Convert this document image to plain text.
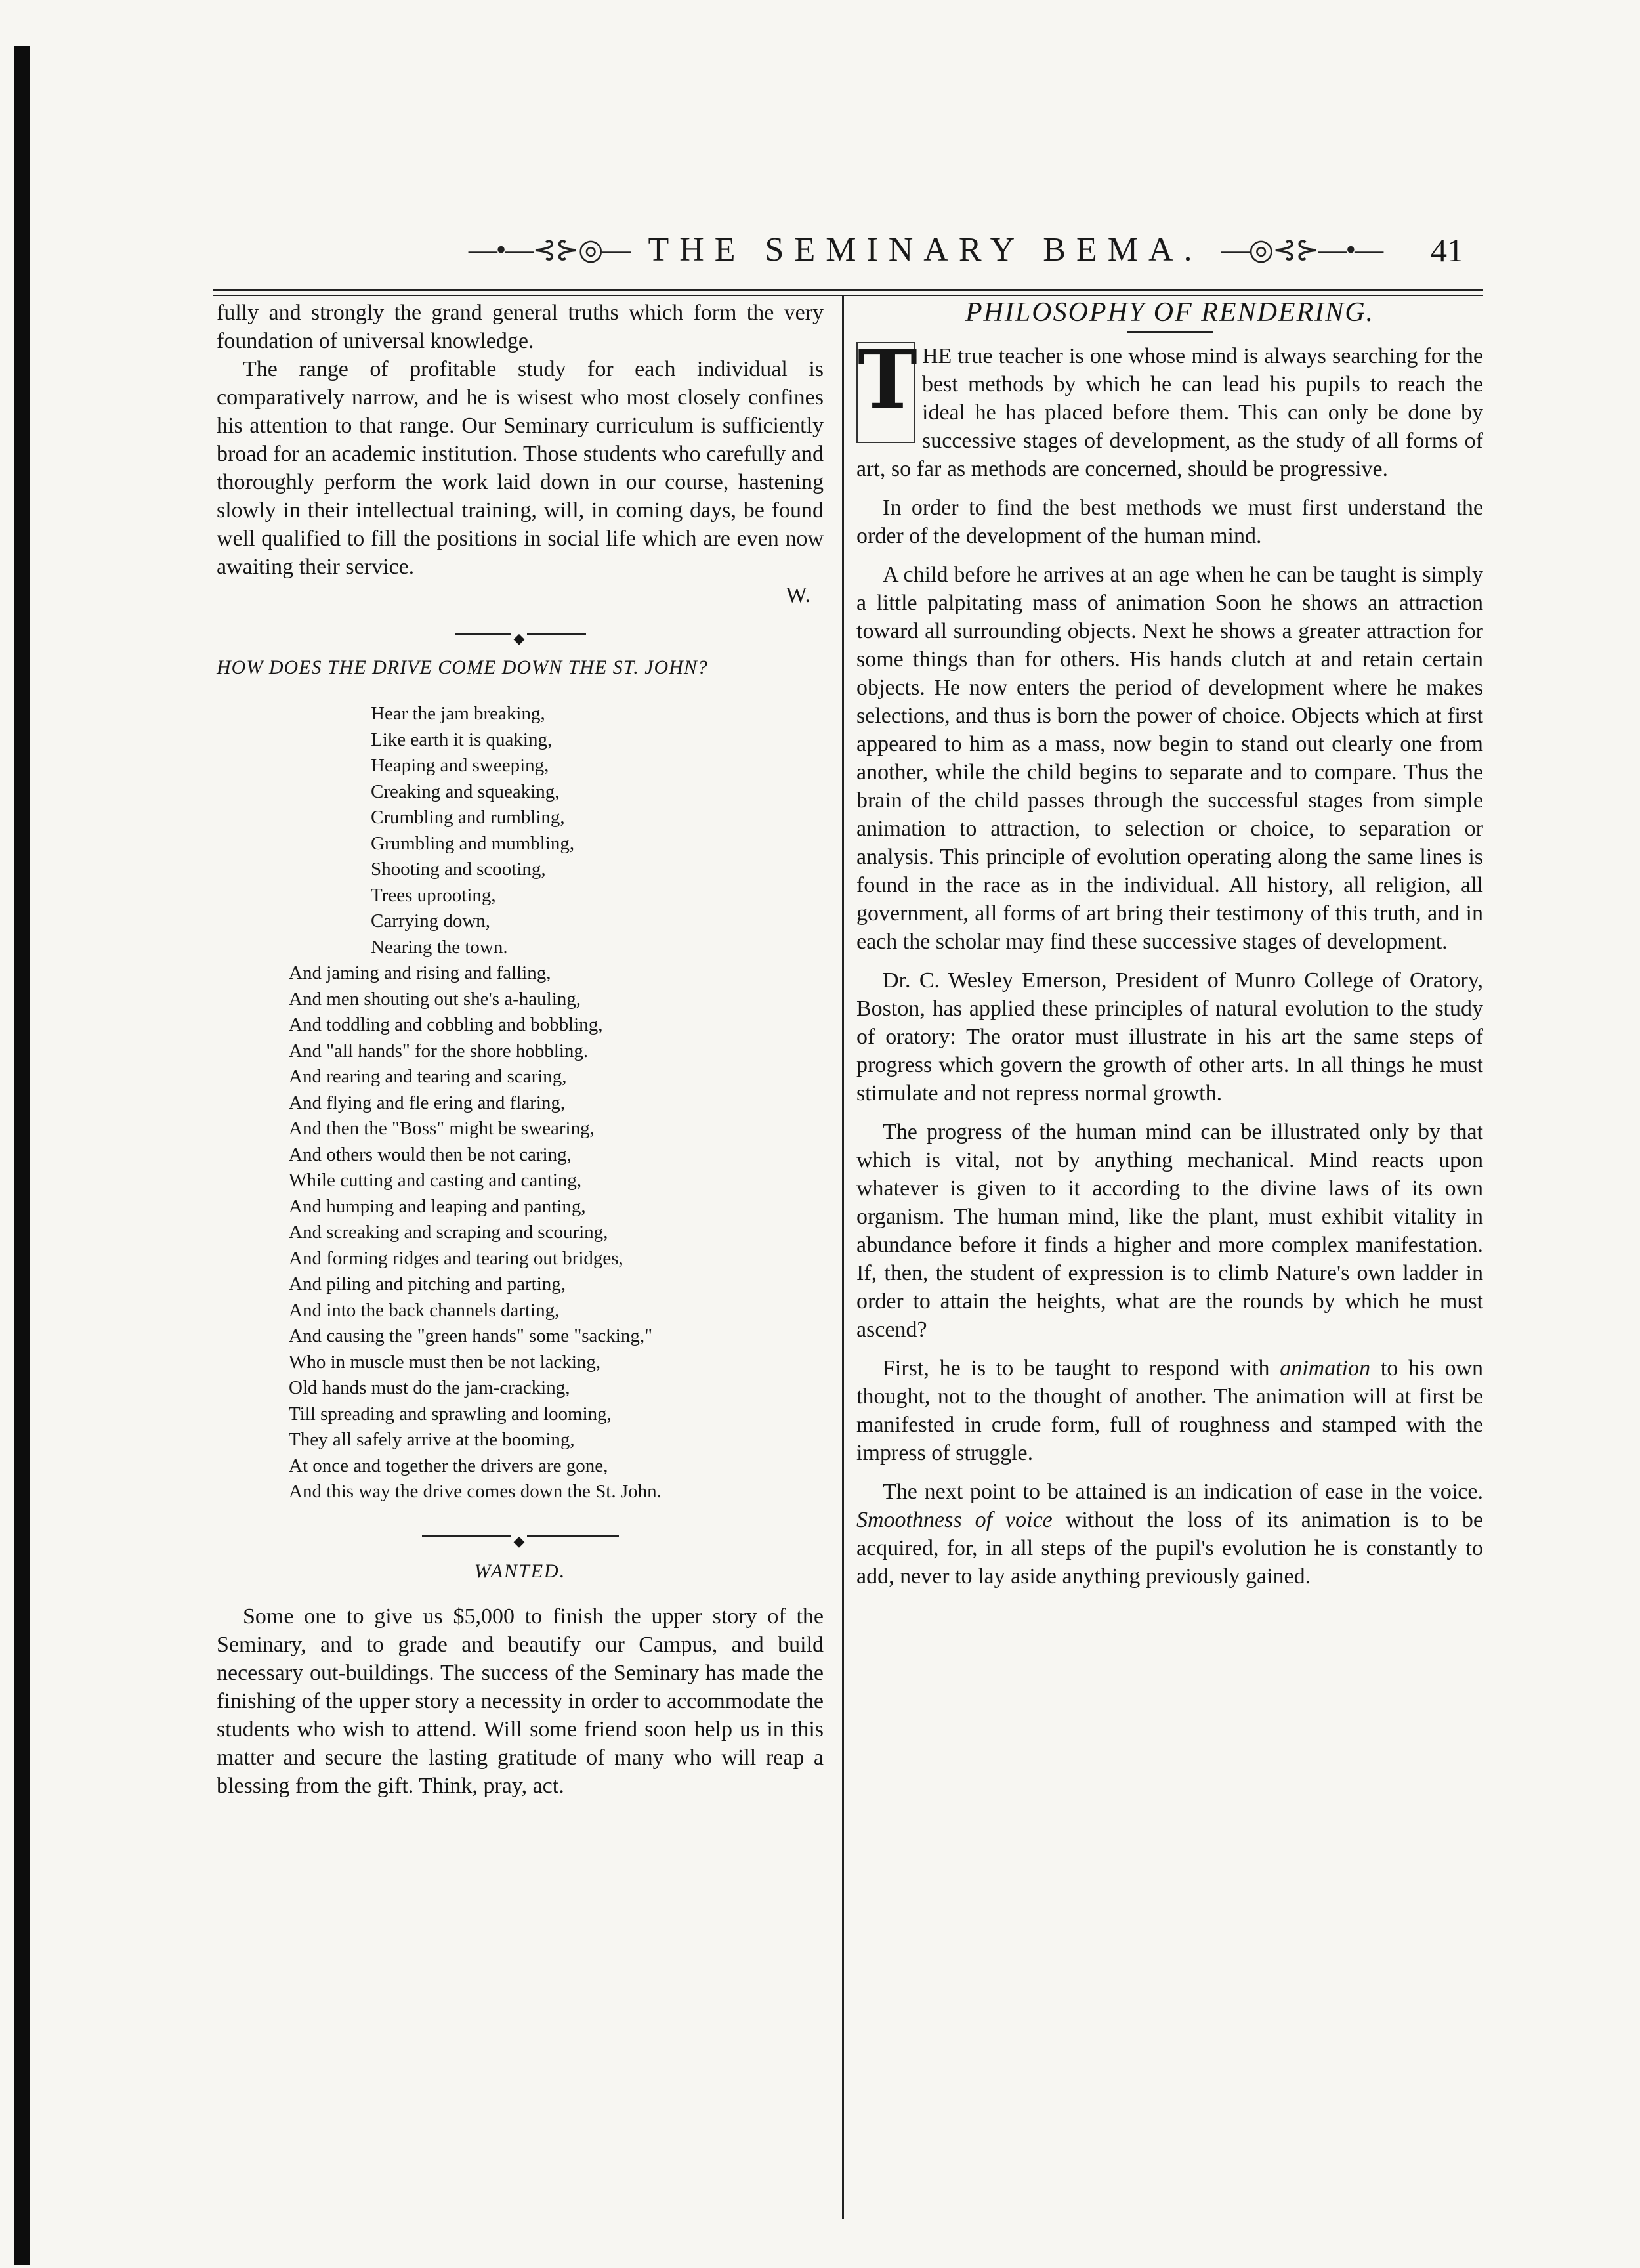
—•—⊰⊱◎— THE SEMINARY BEMA. —◎⊰⊱—•— 41

fully and strongly the grand general truths which form the very foundation of universal knowledge.

The range of profitable study for each individual is comparatively narrow, and he is wisest who most closely confines his attention to that range. Our Seminary curriculum is sufficiently broad for an academic institution. Those students who carefully and thoroughly perform the work laid down in our course, hastening slowly in their intellectual training, will, in coming days, be found well qualified to fill the positions in social life which are even now awaiting their service.

W.

◆

HOW DOES THE DRIVE COME DOWN THE ST. JOHN?

Hear the jam breaking,
Like earth it is quaking,
Heaping and sweeping,
Creaking and squeaking,
Crumbling and rumbling,
Grumbling and mumbling,
Shooting and scooting,
Trees uprooting,
Carrying down,
Nearing the town.
And jaming and rising and falling,
And men shouting out she's a-hauling,
And toddling and cobbling and bobbling,
And "all hands" for the shore hobbling.
And rearing and tearing and scaring,
And flying and fle ering and flaring,
And then the "Boss" might be swearing,
And others would then be not caring,
While cutting and casting and canting,
And humping and leaping and panting,
And screaking and scraping and scouring,
And forming ridges and tearing out bridges,
And piling and pitching and parting,
And into the back channels darting,
And causing the "green hands" some "sacking,"
Who in muscle must then be not lacking,
Old hands must do the jam-cracking,
Till spreading and sprawling and looming,
They all safely arrive at the booming,
At once and together the drivers are gone,
And this way the drive comes down the St. John.
◆

WANTED.

Some one to give us $5,000 to finish the upper story of the Seminary, and to grade and beautify our Campus, and build necessary out-buildings. The success of the Seminary has made the finishing of the upper story a necessity in order to accommodate the students who wish to attend. Will some friend soon help us in this matter and secure the lasting gratitude of many who will reap a blessing from the gift. Think, pray, act.

PHILOSOPHY OF RENDERING.

T HE true teacher is one whose mind is always searching for the best methods by which he can lead his pupils to reach the ideal he has placed before them. This can only be done by successive stages of development, as the study of all forms of art, so far as methods are concerned, should be progressive.

In order to find the best methods we must first understand the order of the development of the human mind.

A child before he arrives at an age when he can be taught is simply a little palpitating mass of animation Soon he shows an attraction toward all surrounding objects. Next he shows a greater attraction for some things than for others. His hands clutch at and retain certain objects. He now enters the period of development where he makes selections, and thus is born the power of choice. Objects which at first appeared to him as a mass, now begin to stand out clearly one from another, while the child begins to separate and to compare. Thus the brain of the child passes through the successful stages from simple animation to attraction, to selection or choice, to separation or analysis. This principle of evolution operating along the same lines is found in the race as in the individual. All history, all religion, all government, all forms of art bring their testimony of this truth, and in each the scholar may find these successive stages of development.

Dr. C. Wesley Emerson, President of Munro College of Oratory, Boston, has applied these principles of natural evolution to the study of oratory: The orator must illustrate in his art the same steps of progress which govern the growth of other arts. In all things he must stimulate and not repress normal growth.

The progress of the human mind can be illustrated only by that which is vital, not by anything mechanical. Mind reacts upon whatever is given to it according to the divine laws of its own organism. The human mind, like the plant, must exhibit vitality in abundance before it finds a higher and more complex manifestation. If, then, the student of expression is to climb Nature's own ladder in order to attain the heights, what are the rounds by which he must ascend?

First, he is to be taught to respond with animation to his own thought, not to the thought of another. The animation will at first be manifested in crude form, full of roughness and stamped with the impress of struggle.

The next point to be attained is an indication of ease in the voice. Smoothness of voice without the loss of its animation is to be acquired, for, in all steps of the pupil's evolution he is constantly to add, never to lay aside anything previously gained.
